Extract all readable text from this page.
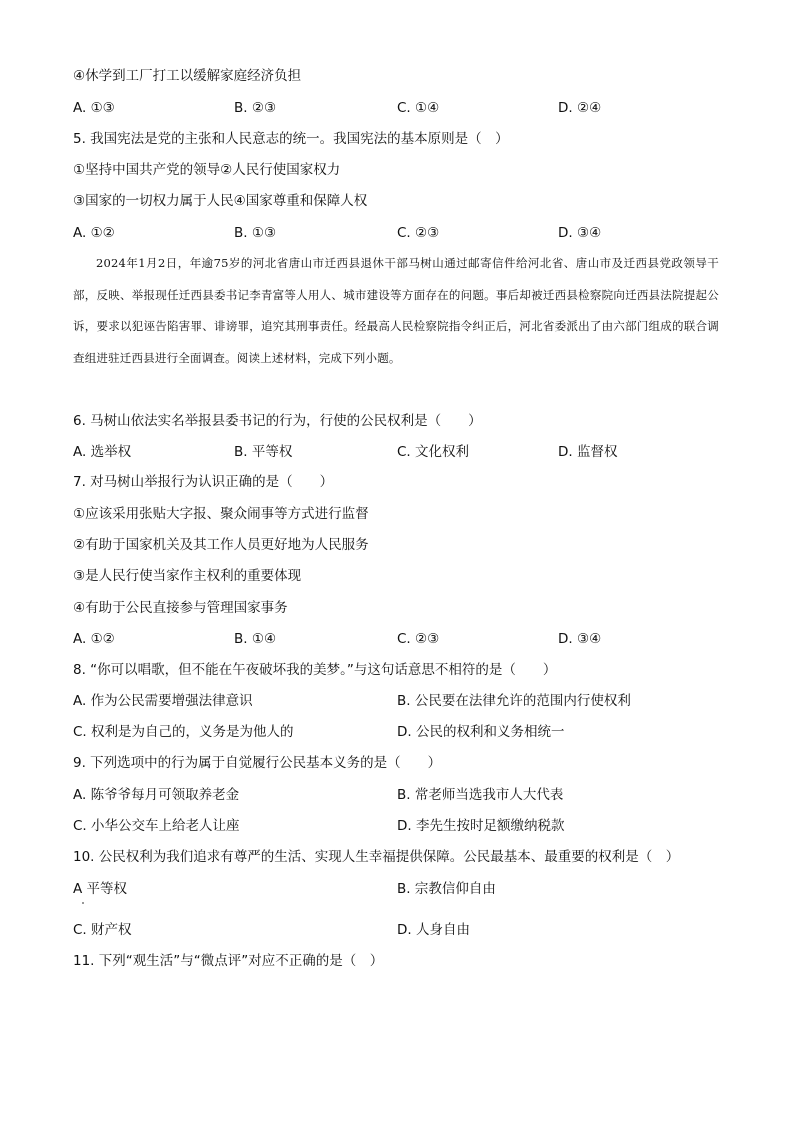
④休学到工厂打工以缓解家庭经济负担
A. ①③	B. ②③	C. ①④	D. ②④
5. 我国宪法是党的主张和人民意志的统一。我国宪法的基本原则是（　）
①坚持中国共产党的领导②人民行使国家权力
③国家的一切权力属于人民④国家尊重和保障人权
A. ①②	B. ①③	C. ②③	D. ③④
2024年1月2日，年逾75岁的河北省唐山市迁西县退休干部马树山通过邮寄信件给河北省、唐山市及迁西县党政领导干部，反映、举报现任迁西县委书记李青富等人用人、城市建设等方面存在的问题。事后却被迁西县检察院向迁西县法院提起公诉，要求以犯诬告陷害罪、诽谤罪，追究其刑事责任。经最高人民检察院指令纠正后，河北省委派出了由六部门组成的联合调查组进驻迁西县进行全面调查。阅读上述材料，完成下列小题。
6. 马树山依法实名举报县委书记的行为，行使的公民权利是（　　）
A. 选举权	B. 平等权	C. 文化权利	D. 监督权
7. 对马树山举报行为认识正确的是（　　）
①应该采用张贴大字报、聚众闹事等方式进行监督
②有助于国家机关及其工作人员更好地为人民服务
③是人民行使当家作主权利的重要体现
④有助于公民直接参与管理国家事务
A. ①②	B. ①④	C. ②③	D. ③④
8. “你可以唱歌，但不能在午夜破坏我的美梦。”与这句话意思不相符的是（　　）
A. 作为公民需要增强法律意识	B. 公民要在法律允许的范围内行使权利
C. 权利是为自己的，义务是为他人的	D. 公民的权利和义务相统一
9. 下列选项中的行为属于自觉履行公民基本义务的是（　　）
A. 陈爷爷每月可领取养老金	B. 常老师当选我市人大代表
C. 小华公交车上给老人让座	D. 李先生按时足额缴纳税款
10. 公民权利为我们追求有尊严的生活、实现人生幸福提供保障。公民最基本、最重要的权利是（　）
A 平等权	B. 宗教信仰自由
C. 财产权	D. 人身自由
11. 下列“观生活”与“微点评”对应不正确的是（　）
